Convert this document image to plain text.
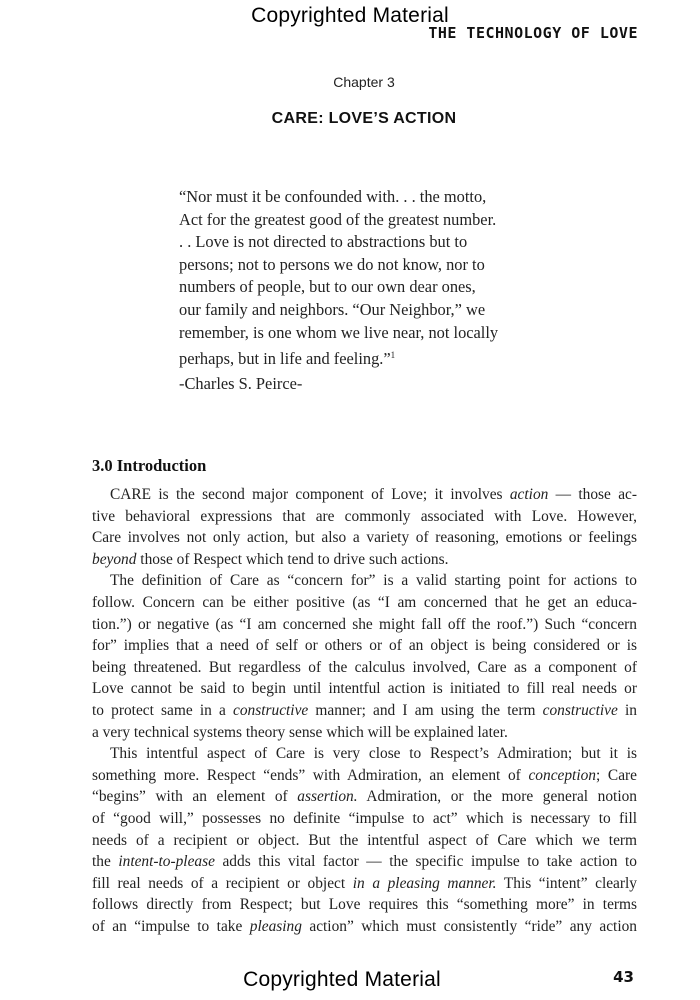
Copyrighted Material
THE TECHNOLOGY OF LOVE
Chapter 3
CARE: LOVE’S ACTION
“Nor must it be confounded with. . . the motto,
Act for the greatest good of the greatest number.
. . Love is not directed to abstractions but to
persons; not to persons we do not know, nor to
numbers of people, but to our own dear ones,
our family and neighbors. “Our Neighbor,” we
remember, is one whom we live near, not locally
perhaps, but in life and feeling.”$^1$
-Charles S. Peirce-
3.0 Introduction
CARE is the second major component of Love; it involves action — those ac-
tive behavioral expressions that are commonly associated with Love. However,
Care involves not only action, but also a variety of reasoning, emotions or feelings
beyond those of Respect which tend to drive such actions.
The definition of Care as “concern for” is a valid starting point for actions to
follow. Concern can be either positive (as “I am concerned that he get an educa-
tion.”) or negative (as “I am concerned she might fall off the roof.”) Such “concern
for” implies that a need of self or others or of an object is being considered or is
being threatened. But regardless of the calculus involved, Care as a component of
Love cannot be said to begin until intentful action is initiated to fill real needs or
to protect same in a constructive manner; and I am using the term constructive in
a very technical systems theory sense which will be explained later.
This intentful aspect of Care is very close to Respect’s Admiration; but it is
something more. Respect “ends” with Admiration, an element of conception; Care
“begins” with an element of assertion. Admiration, or the more general notion
of “good will,” possesses no definite “impulse to act” which is necessary to fill
needs of a recipient or object. But the intentful aspect of Care which we term
the intent-to-please adds this vital factor — the specific impulse to take action to
fill real needs of a recipient or object in a pleasing manner. This “intent” clearly
follows directly from Respect; but Love requires this “something more” in terms
of an “impulse to take pleasing action” which must consistently “ride” any action
Copyrighted Material	43
